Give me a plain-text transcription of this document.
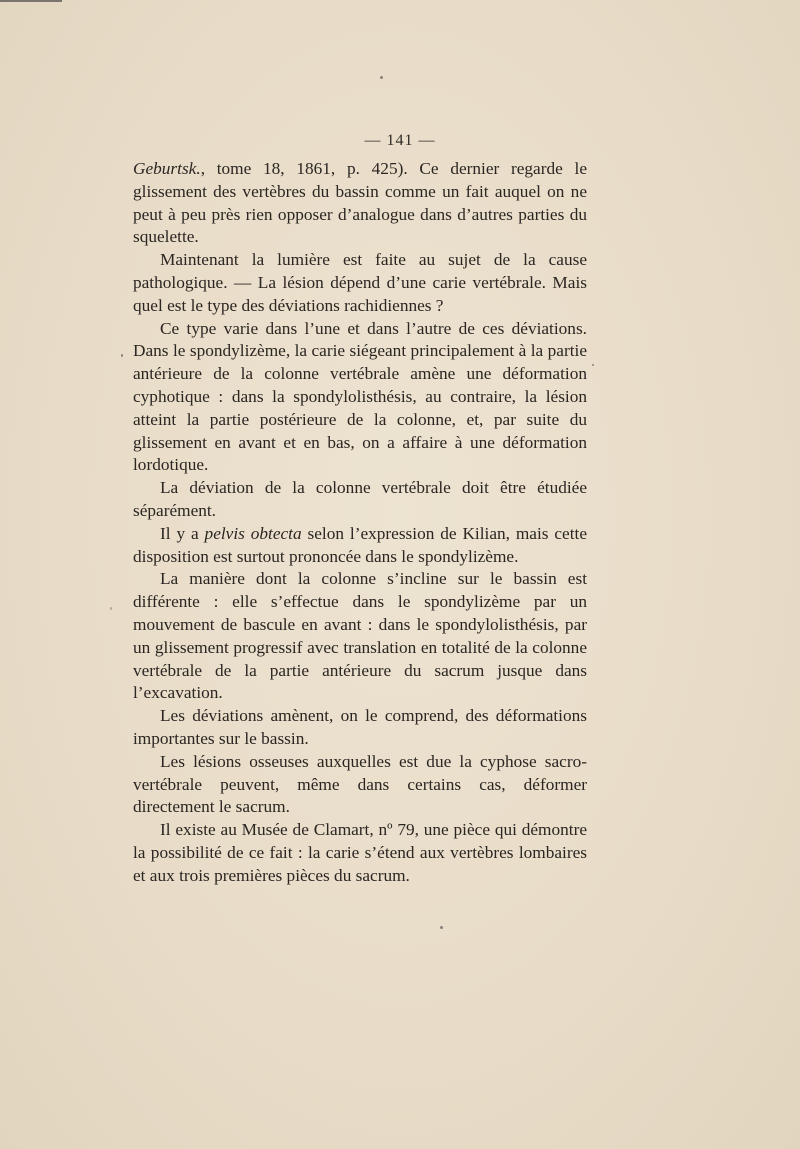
— 141 —

Geburtsk., tome 18, 1861, p. 425). Ce dernier regarde le glissement des vertèbres du bassin comme un fait auquel on ne peut à peu près rien opposer d’analogue dans d’autres parties du squelette.

Maintenant la lumière est faite au sujet de la cause pathologique. — La lésion dépend d’une carie vertébrale. Mais quel est le type des déviations rachidiennes ?

Ce type varie dans l’une et dans l’autre de ces déviations. Dans le spondylizème, la carie siégeant principalement à la partie antérieure de la colonne vertébrale amène une déformation cyphotique : dans la spondylolisthésis, au contraire, la lésion atteint la partie postérieure de la colonne, et, par suite du glissement en avant et en bas, on a affaire à une déformation lordotique.

La déviation de la colonne vertébrale doit être étudiée séparément.

Il y a pelvis obtecta selon l’expression de Kilian, mais cette disposition est surtout prononcée dans le spondylizème.

La manière dont la colonne s’incline sur le bassin est différente : elle s’effectue dans le spondylizème par un mouvement de bascule en avant : dans le spondylolisthésis, par un glissement progressif avec translation en totalité de la colonne vertébrale de la partie antérieure du sacrum jusque dans l’excavation.

Les déviations amènent, on le comprend, des déformations importantes sur le bassin.

Les lésions osseuses auxquelles est due la cyphose sacro-vertébrale peuvent, même dans certains cas, déformer directement le sacrum.

Il existe au Musée de Clamart, nº 79, une pièce qui démontre la possibilité de ce fait : la carie s’étend aux vertèbres lombaires et aux trois premières pièces du sacrum.
